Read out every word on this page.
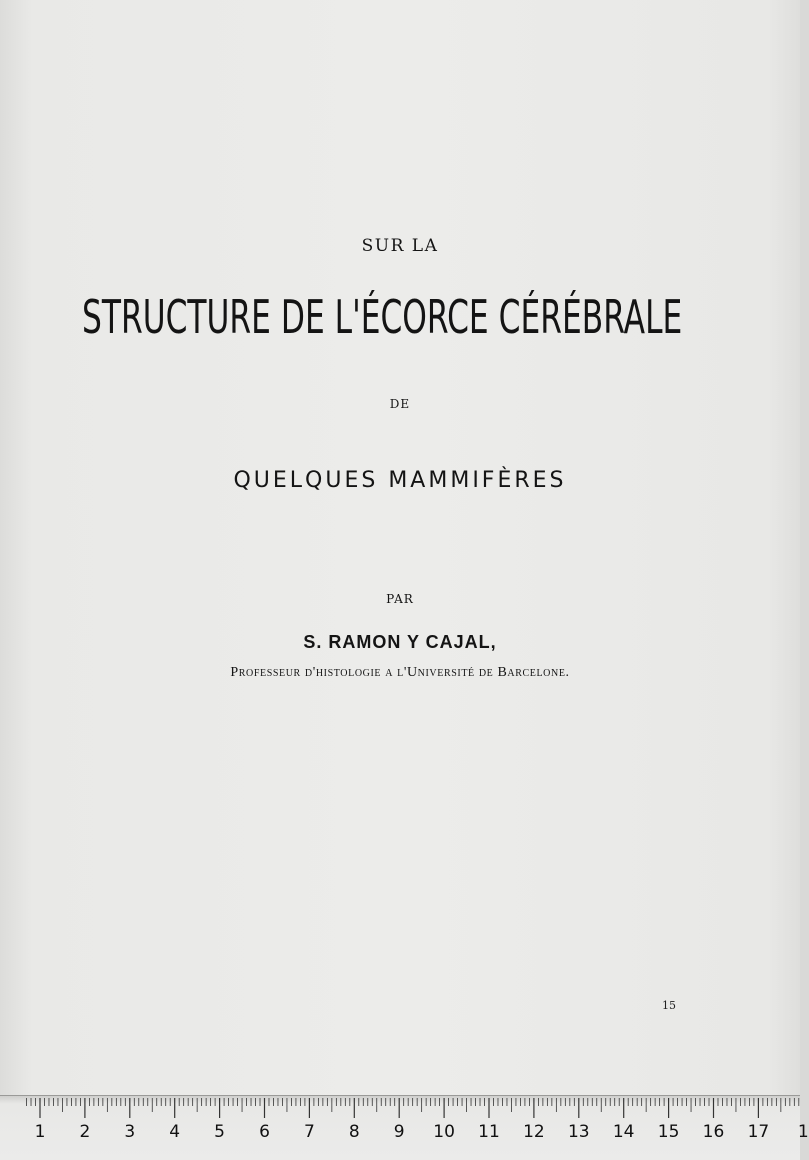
SUR LA
STRUCTURE DE L'ÉCORCE CÉRÉBRALE
DE
QUELQUES MAMMIFÈRES
PAR
S. RAMON Y CAJAL,
Professeur d'histologie a l'Université de Barcelone.
15
1 2 3 4 5 6 7 8 9 10 11 12 13 14 15 16 17 1
